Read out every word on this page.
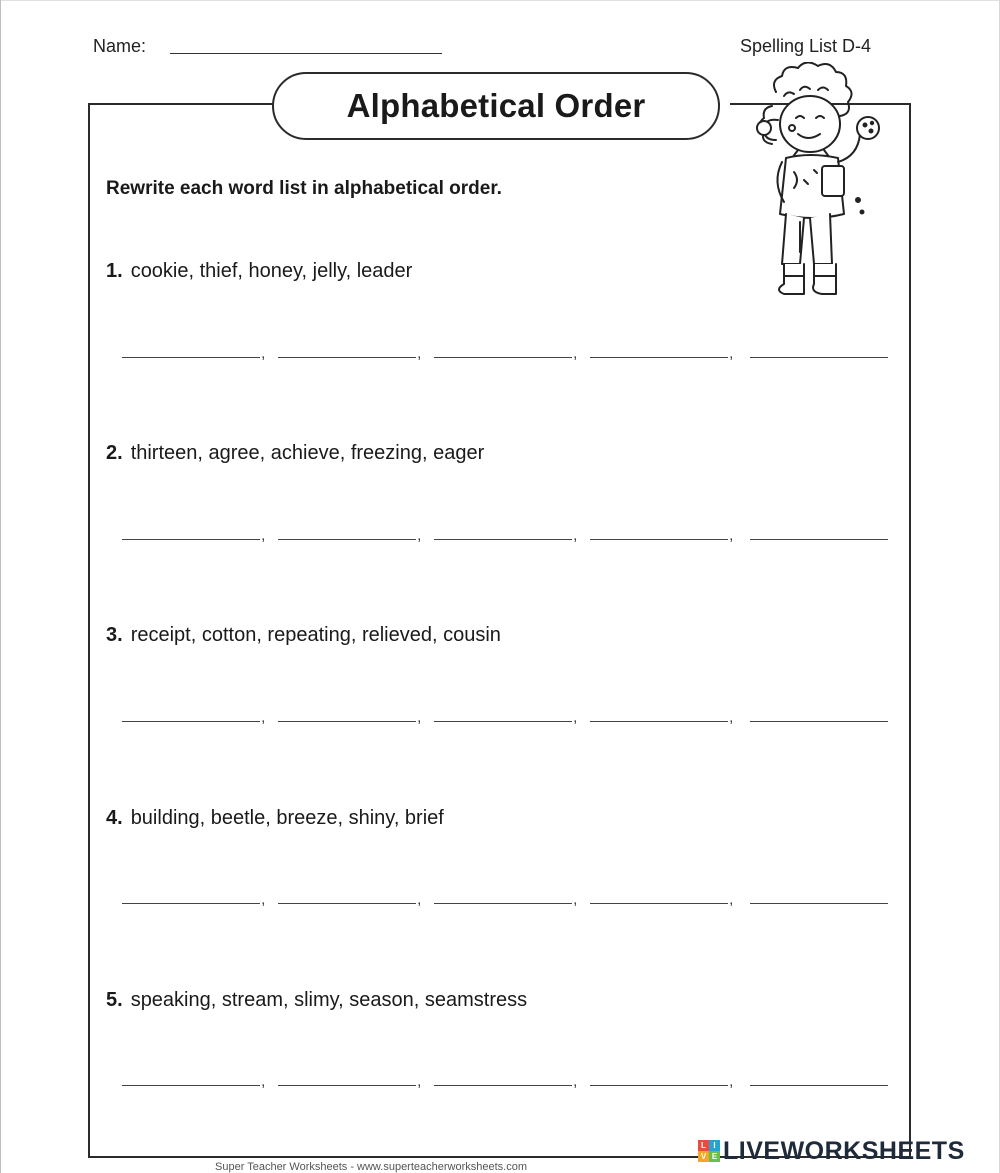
Name:	Spelling List D-4
Alphabetical Order
Rewrite each word list in alphabetical order.
1. cookie, thief, honey, jelly, leader
2. thirteen, agree, achieve, freezing, eager
3. receipt, cotton, repeating, relieved, cousin
4. building, beetle, breeze, shiny, brief
5. speaking, stream, slimy, season, seamstress
,	,	,	,
,	,	,	,
,	,	,	,
,	,	,	,
,	,	,	,
Super Teacher Worksheets - www.superteacherworksheets.com
L I
V E LIVEWORKSHEETS
